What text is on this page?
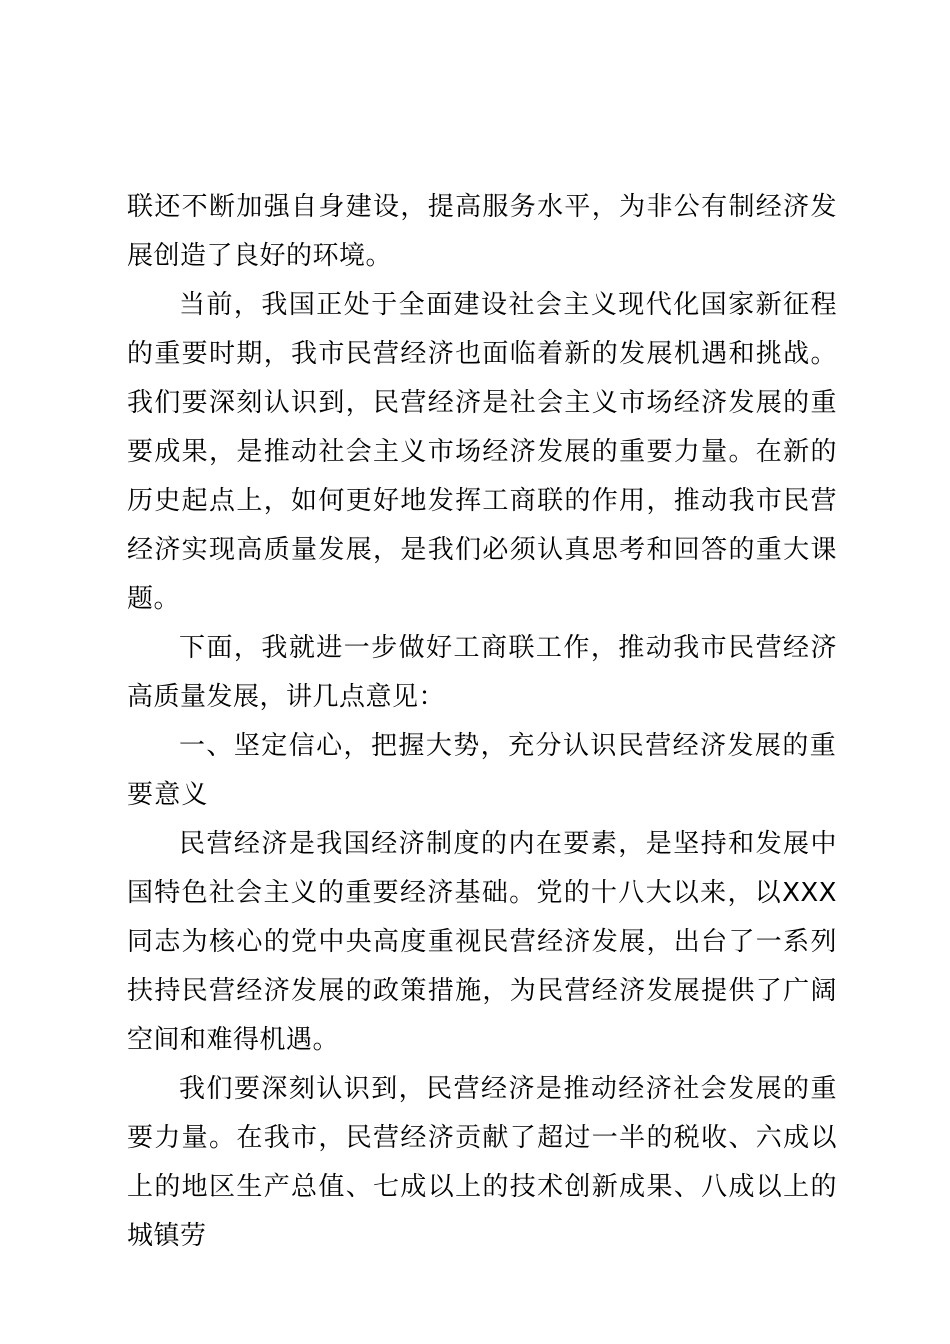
联还不断加强自身建设，提高服务水平，为非公有制经济发展创造了良好的环境。

当前，我国正处于全面建设社会主义现代化国家新征程的重要时期，我市民营经济也面临着新的发展机遇和挑战。我们要深刻认识到，民营经济是社会主义市场经济发展的重要成果，是推动社会主义市场经济发展的重要力量。在新的历史起点上，如何更好地发挥工商联的作用，推动我市民营经济实现高质量发展，是我们必须认真思考和回答的重大课题。

下面，我就进一步做好工商联工作，推动我市民营经济高质量发展，讲几点意见：

一、坚定信心，把握大势，充分认识民营经济发展的重要意义

民营经济是我国经济制度的内在要素，是坚持和发展中国特色社会主义的重要经济基础。党的十八大以来，以XXX同志为核心的党中央高度重视民营经济发展，出台了一系列扶持民营经济发展的政策措施，为民营经济发展提供了广阔空间和难得机遇。

我们要深刻认识到，民营经济是推动经济社会发展的重要力量。在我市，民营经济贡献了超过一半的税收、六成以上的地区生产总值、七成以上的技术创新成果、八成以上的城镇劳
